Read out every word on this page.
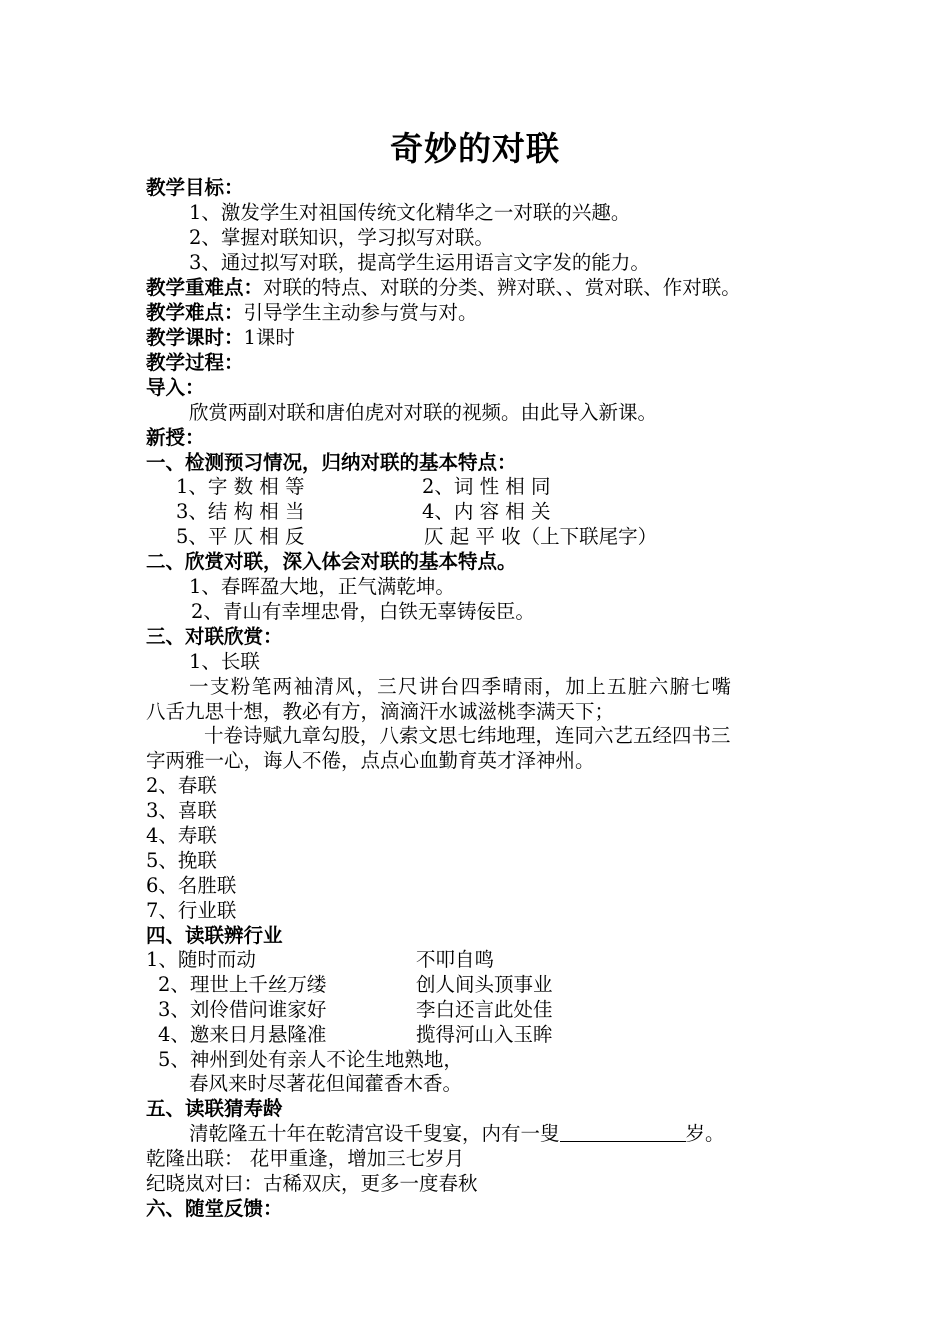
奇妙的对联
教学目标：
1、激发学生对祖国传统文化精华之一对联的兴趣。
2、掌握对联知识，学习拟写对联。
3、通过拟写对联，提高学生运用语言文字发的能力。
教学重难点：对联的特点、对联的分类、辨对联、、赏对联、作对联。
教学难点：引导学生主动参与赏与对。
教学课时：1课时
教学过程：
导入：
欣赏两副对联和唐伯虎对对联的视频。由此导入新课。
新授：
一、检测预习情况，归纳对联的基本特点：
1、字 数 相 等	2、词 性 相 同
3、结 构 相 当	4、内 容 相 关
5、平 仄 相 反	仄 起 平 收（上下联尾字）
二、欣赏对联，深入体会对联的基本特点。
1、春晖盈大地，正气满乾坤。
2、青山有幸埋忠骨，白铁无辜铸佞臣。
三、对联欣赏：
1、长联
一支粉笔两袖清风，三尺讲台四季晴雨，加上五脏六腑七嘴
八舌九思十想，教必有方，滴滴汗水诚滋桃李满天下；
十卷诗赋九章勾股，八索文思七纬地理，连同六艺五经四书三
字两雅一心，诲人不倦，点点心血勤育英才泽神州。
2、春联
3、喜联
4、寿联
5、挽联
6、名胜联
7、行业联
四、读联辨行业
1、随时而动	不叩自鸣
2、理世上千丝万缕	创人间头顶事业
3、刘伶借问谁家好	李白还言此处佳
4、邀来日月悬隆准	揽得河山入玉眸
5、神州到处有亲人不论生地熟地，
春风来时尽著花但闻藿香木香。
五、读联猜寿龄
清乾隆五十年在乾清宫设千叟宴，内有一叟	岁。
乾隆出联： 花甲重逢，增加三七岁月
纪晓岚对曰：古稀双庆，更多一度春秋
六、随堂反馈：
